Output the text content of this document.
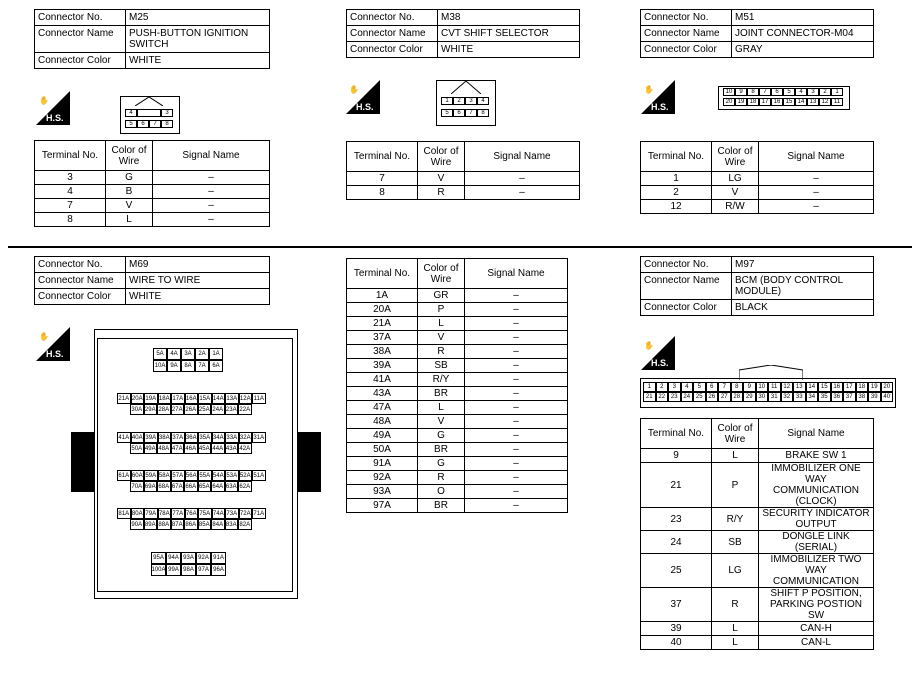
Connector No.	M25
Connector Name	PUSH-BUTTON IGNITION SWITCH
Connector Color	WHITE
✋
H.S.	4	3
5	6	7	8
Terminal No.	Color of Wire	Signal Name
3	G	–
4	B	–
7	V	–
8	L	–
Connector No.	M38
Connector Name	CVT SHIFT SELECTOR
Connector Color	WHITE
✋
H.S.
1	2	3	4
5	6	7	8
Terminal No.	Color of Wire	Signal Name
7	V	–
8	R	–
Connector No.	M51
Connector Name	JOINT CONNECTOR-M04
Connector Color	GRAY
✋
H.S.
10	9	8	7	6	5	4	3	2	1
20 19 18 17 16 15 14 13 12 11
Terminal No.	Color of Wire	Signal Name
1	LG	–
2	V	–
12	R/W	–
Connector No.	M69
Connector Name	WIRE TO WIRE
Connector Color	WHITE
✋
H.S.	5A	4A	3A	2A	1A
10A 9A	8A	7A	6A
21A 20A 19A 18A 17A 16A 15A 14A 13A 12A 11A
30A 29A 28A 27A 26A 25A 24A 23A 22A
41A 40A 39A 38A 37A 36A 35A 34A 33A 32A 31A
50A 49A 48A 47A 46A 45A 44A 43A 42A
61A 60A 59A 58A 57A 56A 55A 54A 53A 52A 51A
70A 69A 68A 67A 66A 65A 64A 63A 62A
81A 80A 79A 78A 77A 76A 75A 74A 73A 72A 71A
90A 89A 88A 87A 86A 85A 84A 83A 82A
95A 94A 93A 92A 91A
100A 99A 98A 97A 96A
Terminal No.	Color of Wire	Signal Name
1A	GR	–
20A	P	–
21A	L	–
37A	V	–
38A	R	–
39A	SB	–
41A	R/Y	–
43A	BR	–
47A	L	–
48A	V	–
49A	G	–
50A	BR	–
91A	G	–
92A	R	–
93A	O	–
97A	BR	–
Connector No.	M97
Connector Name	BCM (BODY CONTROL MODULE)
Connector Color	BLACK
✋
H.S.
1	2	3	4	5	6	7	8	9	10	11	12 13 14 15 16 17 18 19 20
21 22 23 24 25 26 27 28 29 30 31 32 33 34 35 36 37 38 39 40
Terminal No.	Color of Wire	Signal Name
9	L	BRAKE SW 1
21	P	IMMOBILIZER ONE WAY COMMUNICATION (CLOCK)
23	R/Y	SECURITY INDICATOR OUTPUT
24	SB	DONGLE LINK (SERIAL)
25	LG	IMMOBILIZER TWO WAY COMMUNICATION
37	R	SHIFT P POSITION, PARKING POSTION SW
39	L	CAN-H
40	L	CAN-L
